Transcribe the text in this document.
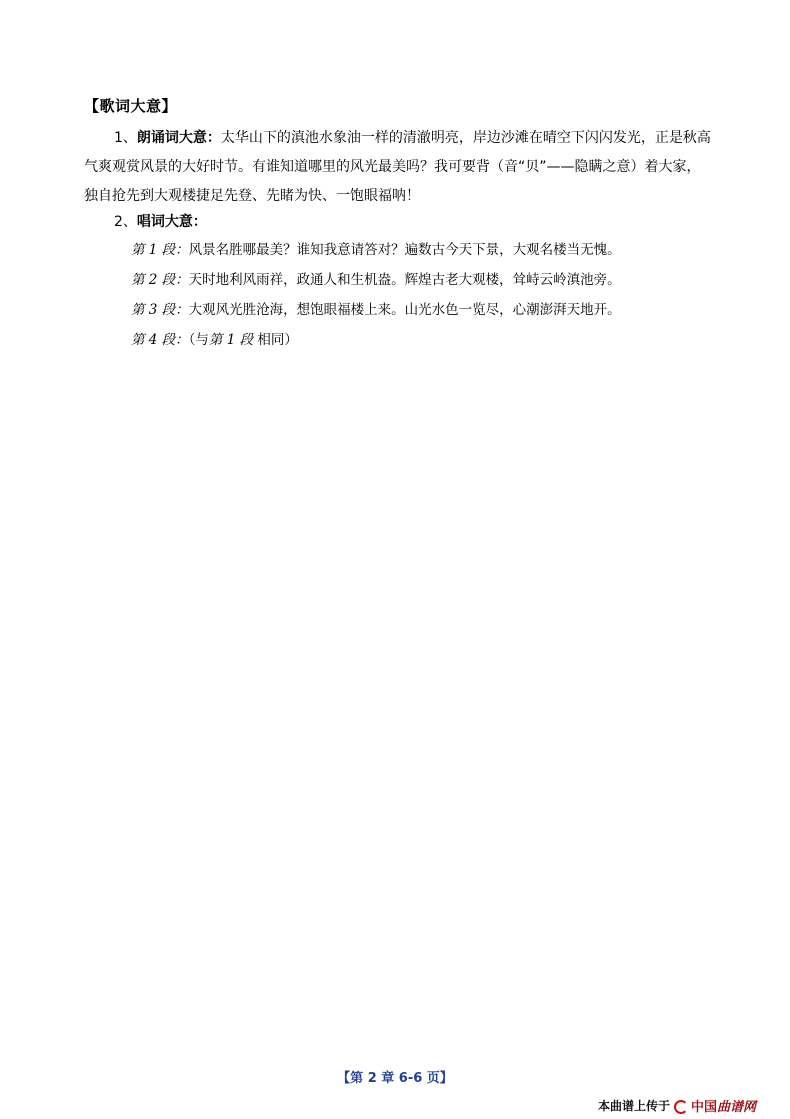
【歌词大意】
1、朗诵词大意：太华山下的滇池水象油一样的清澈明亮，岸边沙滩在晴空下闪闪发光，正是秋高气爽观赏风景的大好时节。有谁知道哪里的风光最美吗？我可要背（音“贝”——隐瞒之意）着大家，独自抢先到大观楼捷足先登、先睹为快、一饱眼福呐！
2、唱词大意：
第 1 段：风景名胜哪最美？谁知我意请答对？遍数古今天下景，大观名楼当无愧。
第 2 段：天时地利风雨祥，政通人和生机盎。辉煌古老大观楼，耸峙云岭滇池旁。
第 3 段：大观风光胜沧海，想饱眼福楼上来。山光水色一览尽，心潮澎湃天地开。
第 4 段：（与第 1 段 相同）
【第 2 章 6-6 页】
本曲谱上传于 中国曲谱网
